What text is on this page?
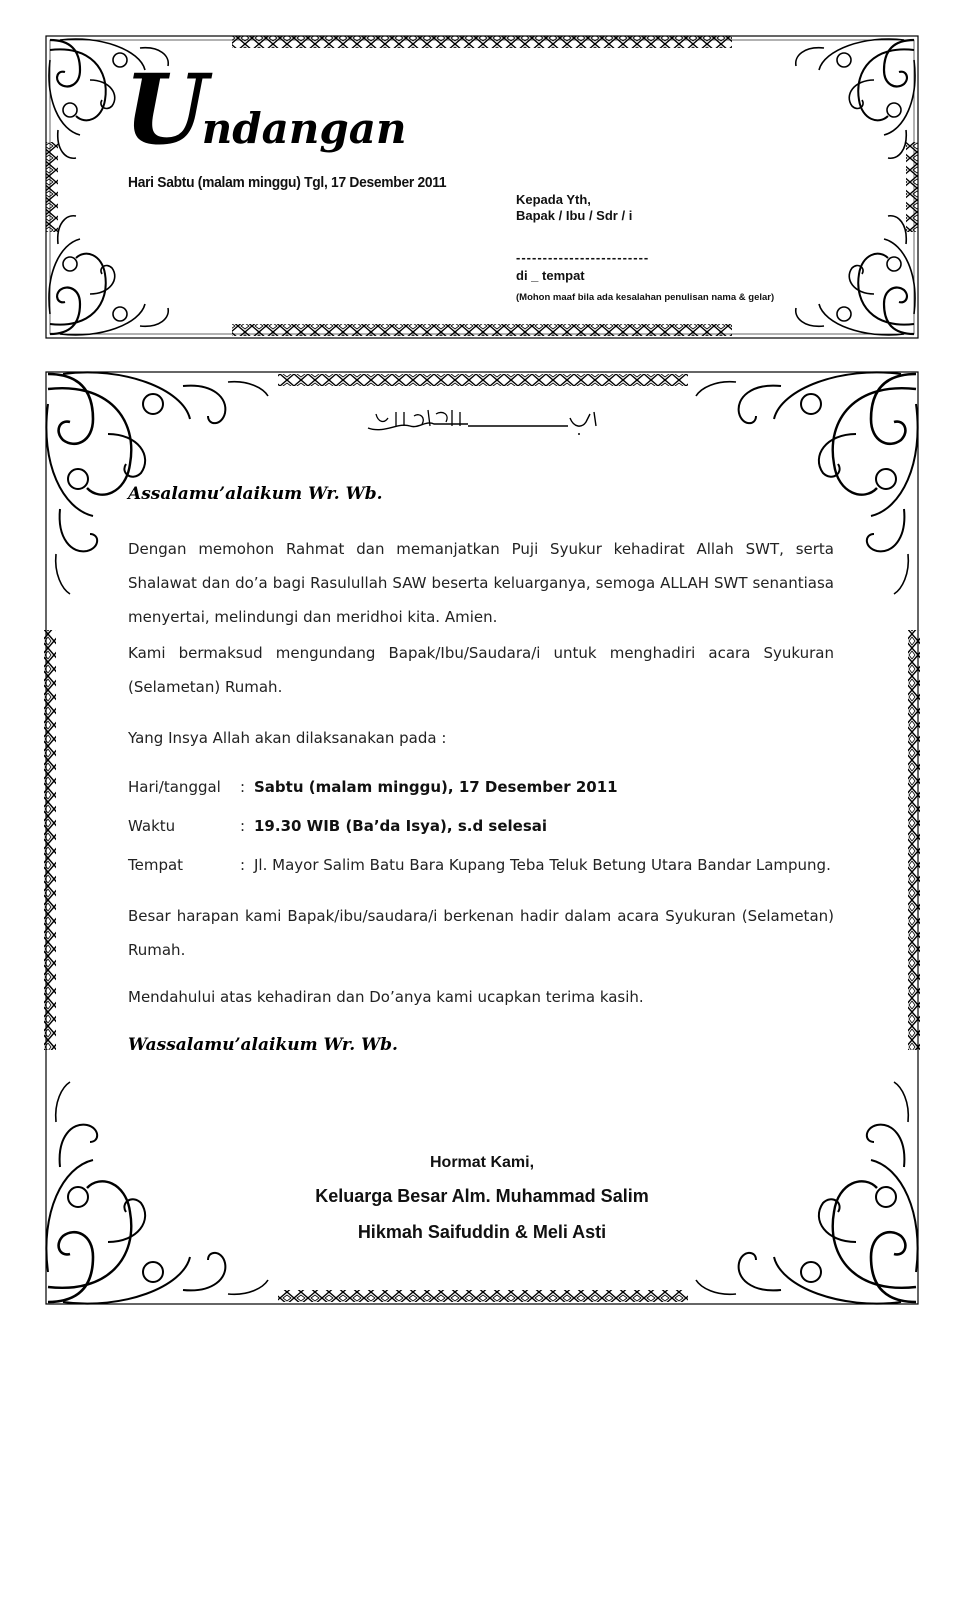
Undangan
Hari Sabtu (malam minggu) Tgl, 17 Desember 2011
Kepada Yth,
Bapak / Ibu / Sdr / i
-------------------------
di _ tempat
(Mohon maaf bila ada kesalahan penulisan nama & gelar)

Assalamu’alaikum Wr. Wb.

Dengan memohon Rahmat dan memanjatkan Puji Syukur kehadirat Allah SWT, serta Shalawat dan do’a bagi Rasulullah SAW beserta keluarganya, semoga ALLAH SWT senantiasa menyertai, melindungi dan meridhoi kita. Amien.

Kami bermaksud mengundang Bapak/Ibu/Saudara/i untuk menghadiri acara Syukuran (Selametan) Rumah.

Yang Insya Allah akan dilaksanakan pada :

Hari/tanggal	:	Sabtu (malam minggu), 17 Desember 2011
Waktu	:	19.30 WIB (Ba’da Isya), s.d selesai
Tempat	:	Jl. Mayor Salim Batu Bara Kupang Teba Teluk Betung Utara Bandar Lampung.

Besar harapan kami Bapak/ibu/saudara/i berkenan hadir dalam acara Syukuran (Selametan) Rumah.

Mendahului atas kehadiran dan Do’anya kami ucapkan terima kasih.

Wassalamu’alaikum Wr. Wb.

Hormat Kami,
Keluarga Besar Alm. Muhammad Salim
Hikmah Saifuddin & Meli Asti
